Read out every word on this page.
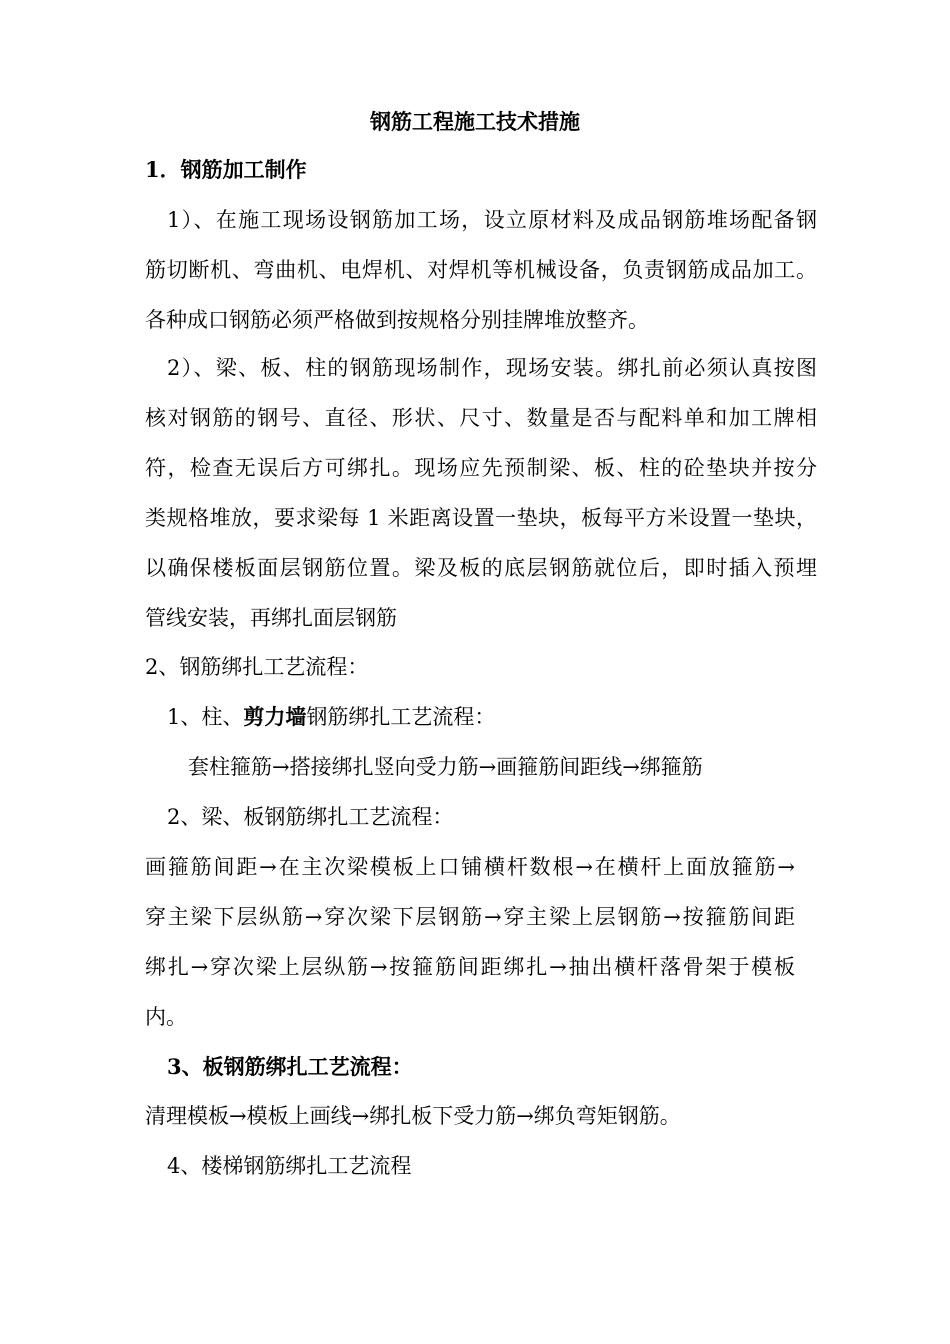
钢筋工程施工技术措施
1．钢筋加工制作
1）、在施工现场设钢筋加工场，设立原材料及成品钢筋堆场配备钢
筋切断机、弯曲机、电焊机、对焊机等机械设备，负责钢筋成品加工。
各种成口钢筋必须严格做到按规格分别挂牌堆放整齐。
2）、梁、板、柱的钢筋现场制作，现场安装。绑扎前必须认真按图
核对钢筋的钢号、直径、形状、尺寸、数量是否与配料单和加工牌相
符，检查无误后方可绑扎。现场应先预制梁、板、柱的砼垫块并按分
类规格堆放，要求梁每 1 米距离设置一垫块，板每平方米设置一垫块，
以确保楼板面层钢筋位置。梁及板的底层钢筋就位后，即时插入预埋
管线安装，再绑扎面层钢筋
2、钢筋绑扎工艺流程：
1、柱、剪力墙钢筋绑扎工艺流程：
套柱箍筋→搭接绑扎竖向受力筋→画箍筋间距线→绑箍筋
2、梁、板钢筋绑扎工艺流程：
画箍筋间距→在主次梁模板上口铺横杆数根→在横杆上面放箍筋→
穿主梁下层纵筋→穿次梁下层钢筋→穿主梁上层钢筋→按箍筋间距
绑扎→穿次梁上层纵筋→按箍筋间距绑扎→抽出横杆落骨架于模板
内。
3、板钢筋绑扎工艺流程：
清理模板→模板上画线→绑扎板下受力筋→绑负弯矩钢筋。
4、楼梯钢筋绑扎工艺流程
